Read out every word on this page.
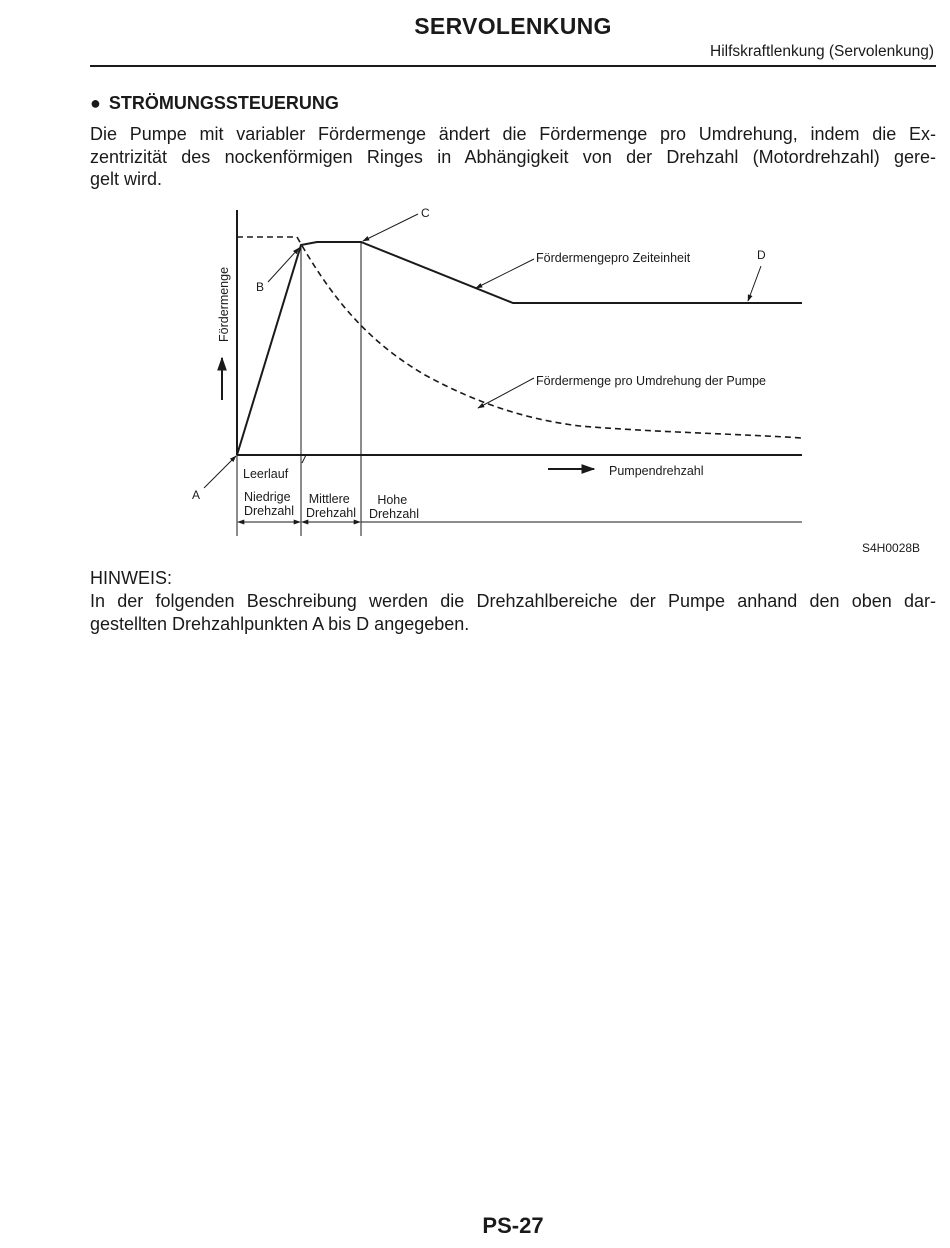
SERVOLENKUNG
Hilfskraftlenkung (Servolenkung)
● STRÖMUNGSSTEUERUNG
Die Pumpe mit variabler Fördermenge ändert die Fördermenge pro Umdrehung, indem die Ex-
zentrizität des nockenförmigen Ringes in Abhängigkeit von der Drehzahl (Motordrehzahl) gere-
gelt wird.
Fördermenge
A
B
C
D
Fördermengepro Zeiteinheit
Fördermenge pro Umdrehung der Pumpe
Pumpendrehzahl
Leerlauf
Niedrige Drehzahl
Mittlere Drehzahl
Hohe Drehzahl
S4H0028B
HINWEIS:
In der folgenden Beschreibung werden die Drehzahlbereiche der Pumpe anhand den oben dar-
gestellten Drehzahlpunkten A bis D angegeben.
PS-27
